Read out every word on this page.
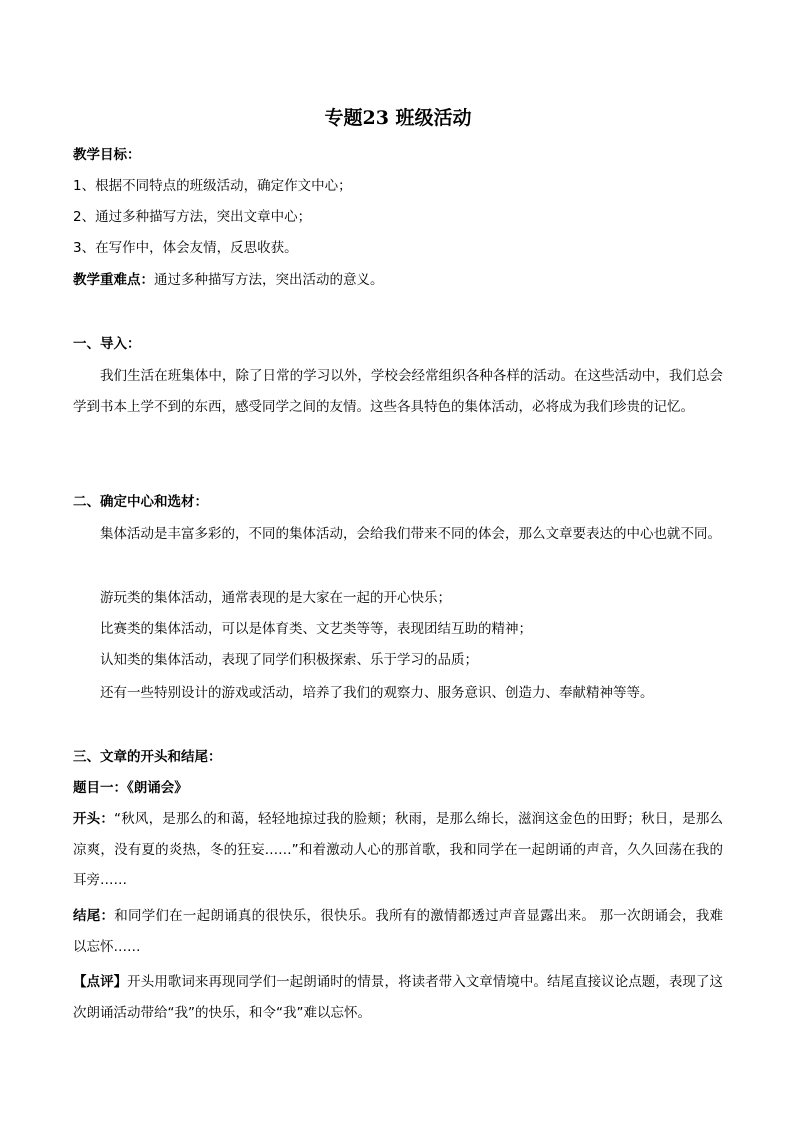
专题23 班级活动
教学目标：
1、根据不同特点的班级活动，确定作文中心；
2、通过多种描写方法，突出文章中心；
3、在写作中，体会友情，反思收获。
教学重难点：通过多种描写方法，突出活动的意义。
一、导入：
我们生活在班集体中，除了日常的学习以外，学校会经常组织各种各样的活动。在这些活动中，我们总会学到书本上学不到的东西，感受同学之间的友情。这些各具特色的集体活动，必将成为我们珍贵的记忆。
二、确定中心和选材：
集体活动是丰富多彩的，不同的集体活动，会给我们带来不同的体会，那么文章要表达的中心也就不同。
游玩类的集体活动，通常表现的是大家在一起的开心快乐；
比赛类的集体活动，可以是体育类、文艺类等等，表现团结互助的精神；
认知类的集体活动，表现了同学们积极探索、乐于学习的品质；
还有一些特别设计的游戏或活动，培养了我们的观察力、服务意识、创造力、奉献精神等等。
三、文章的开头和结尾：
题目一：《朗诵会》
开头：“秋风，是那么的和蔼，轻轻地掠过我的脸颊；秋雨，是那么绵长，滋润这金色的田野；秋日，是那么凉爽，没有夏的炎热，冬的狂妄……”和着激动人心的那首歌，我和同学在一起朗诵的声音，久久回荡在我的耳旁……
结尾：和同学们在一起朗诵真的很快乐，很快乐。我所有的激情都透过声音显露出来。 那一次朗诵会，我难以忘怀……
【点评】开头用歌词来再现同学们一起朗诵时的情景，将读者带入文章情境中。结尾直接议论点题，表现了这次朗诵活动带给“我”的快乐，和令“我”难以忘怀。
